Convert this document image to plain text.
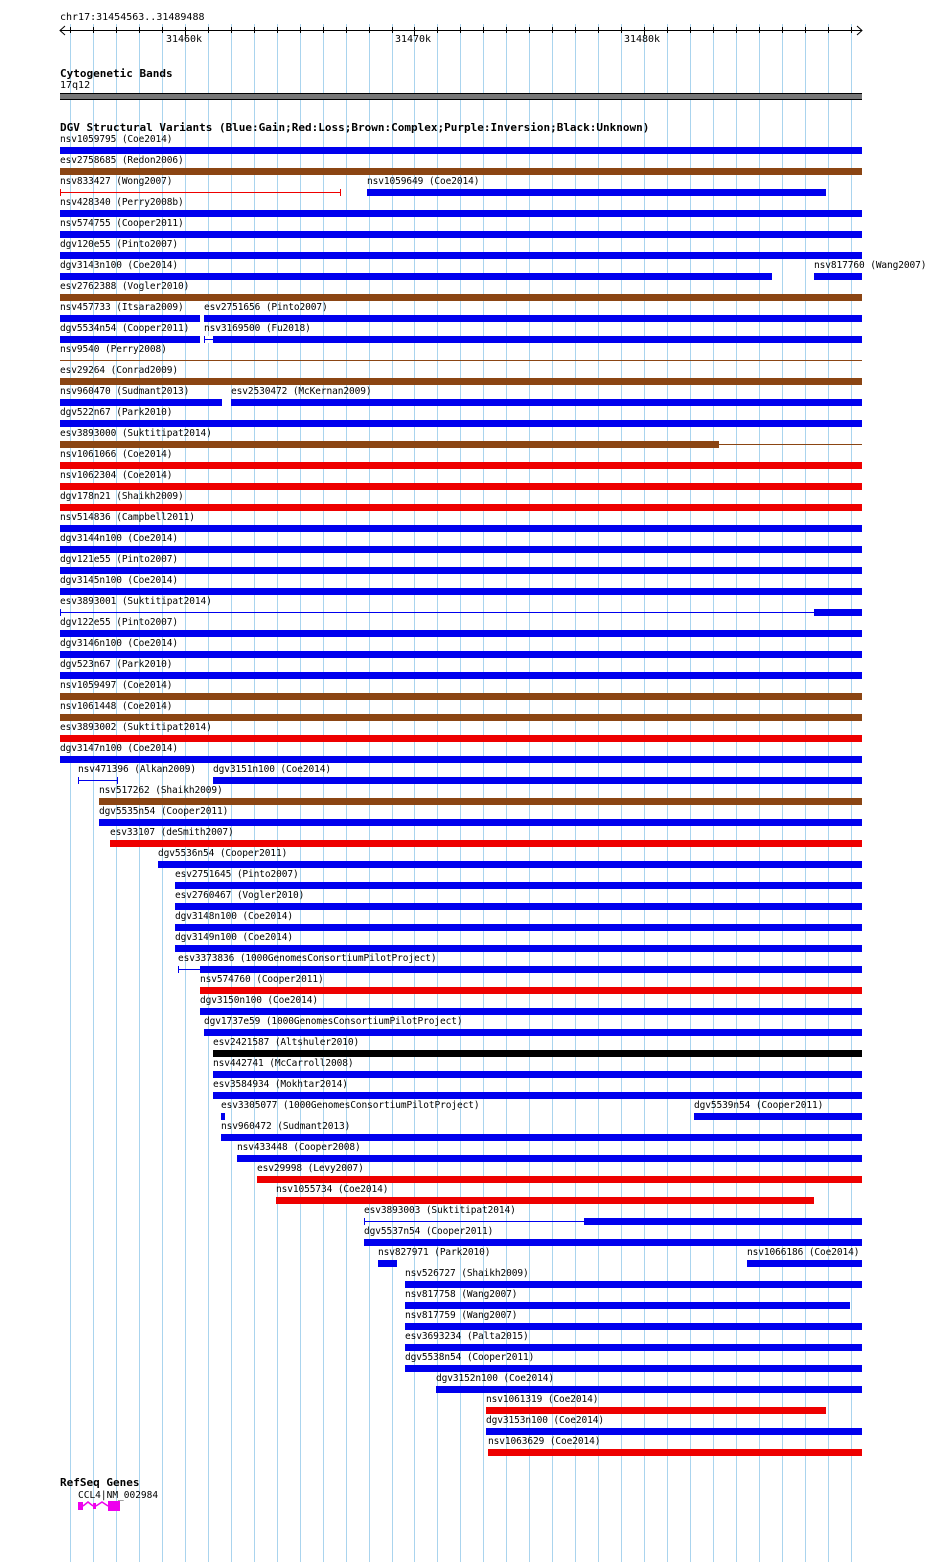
chr17:31454563..31489488
31460k	31470k	31480k
Cytogenetic Bands
17q12
DGV Structural Variants (Blue:Gain;Red:Loss;Brown:Complex;Purple:Inversion;Black:Unknown)
nsv1059795 (Coe2014)
esv2758685 (Redon2006)
nsv833427 (Wong2007)	nsv1059649 (Coe2014)
nsv428340 (Perry2008b)
nsv574755 (Cooper2011)
dgv120e55 (Pinto2007)
dgv3143n100 (Coe2014)	nsv817760 (Wang2007)
esv2762388 (Vogler2010)
nsv457733 (Itsara2009) esv2751656 (Pinto2007)
dgv5534n54 (Cooper2011) nsv3169500 (Fu2018)
nsv9540 (Perry2008)
esv29264 (Conrad2009)
nsv960470 (Sudmant2013)	esv2530472 (McKernan2009)
dgv522n67 (Park2010)
esv3893000 (Suktitipat2014)
nsv1061066 (Coe2014)
nsv1062304 (Coe2014)
dgv178n21 (Shaikh2009)
nsv514836 (Campbell2011)
dgv3144n100 (Coe2014)
dgv121e55 (Pinto2007)
dgv3145n100 (Coe2014)
esv3893001 (Suktitipat2014)
dgv122e55 (Pinto2007)
dgv3146n100 (Coe2014)
dgv523n67 (Park2010)
nsv1059497 (Coe2014)
nsv1061448 (Coe2014)
esv3893002 (Suktitipat2014)
dgv3147n100 (Coe2014)
nsv471396 (Alkan2009) dgv3151n100 (Coe2014)
nsv517262 (Shaikh2009)
dgv5535n54 (Cooper2011)
esv33107 (deSmith2007)
dgv5536n54 (Cooper2011)
esv2751645 (Pinto2007)
esv2760467 (Vogler2010)
dgv3148n100 (Coe2014)
dgv3149n100 (Coe2014)
esv3373836 (1000GenomesConsortiumPilotProject)
nsv574760 (Cooper2011)
dgv3150n100 (Coe2014)
dgv1737e59 (1000GenomesConsortiumPilotProject)
esv2421587 (Altshuler2010)
nsv442741 (McCarroll2008)
esv3584934 (Mokhtar2014)
esv3305077 (1000GenomesConsortiumPilotProject)	dgv5539n54 (Cooper2011)
nsv960472 (Sudmant2013)
nsv433448 (Cooper2008)
esv29998 (Levy2007)
nsv1055734 (Coe2014)
esv3893003 (Suktitipat2014)
dgv5537n54 (Cooper2011)
nsv827971 (Park2010)	nsv1066186 (Coe2014)
nsv526727 (Shaikh2009)
nsv817758 (Wang2007)
nsv817759 (Wang2007)
esv3693234 (Palta2015)
dgv5538n54 (Cooper2011)
dgv3152n100 (Coe2014)
nsv1061319 (Coe2014)
dgv3153n100 (Coe2014)
nsv1063629 (Coe2014)
RefSeq Genes
CCL4|NM_002984
